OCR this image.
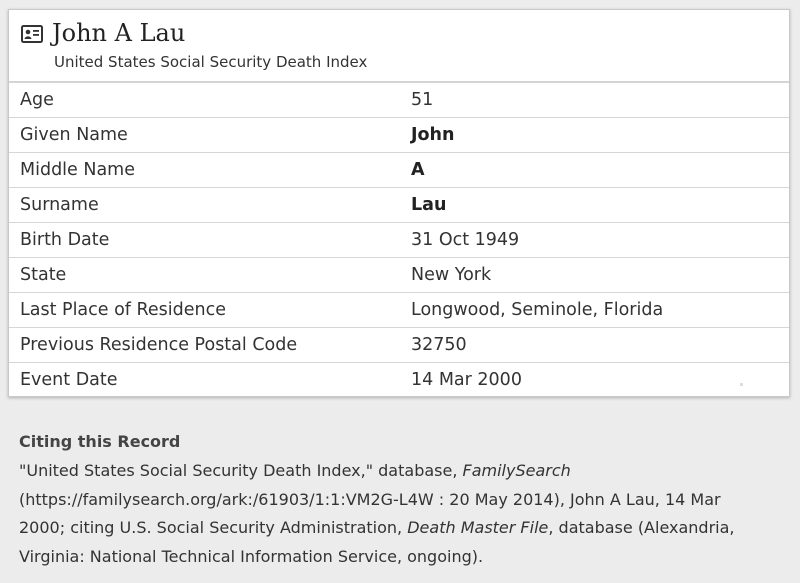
John A Lau
United States Social Security Death Index
Age	51
Given Name	John
Middle Name	A
Surname	Lau
Birth Date	31 Oct 1949
State	New York
Last Place of Residence	Longwood, Seminole, Florida
Previous Residence Postal Code	32750
Event Date	14 Mar 2000
Citing this Record
"United States Social Security Death Index," database, FamilySearch
(https://familysearch.org/ark:/61903/1:1:VM2G-L4W : 20 May 2014), John A Lau, 14 Mar
2000; citing U.S. Social Security Administration, Death Master File, database (Alexandria,
Virginia: National Technical Information Service, ongoing).
